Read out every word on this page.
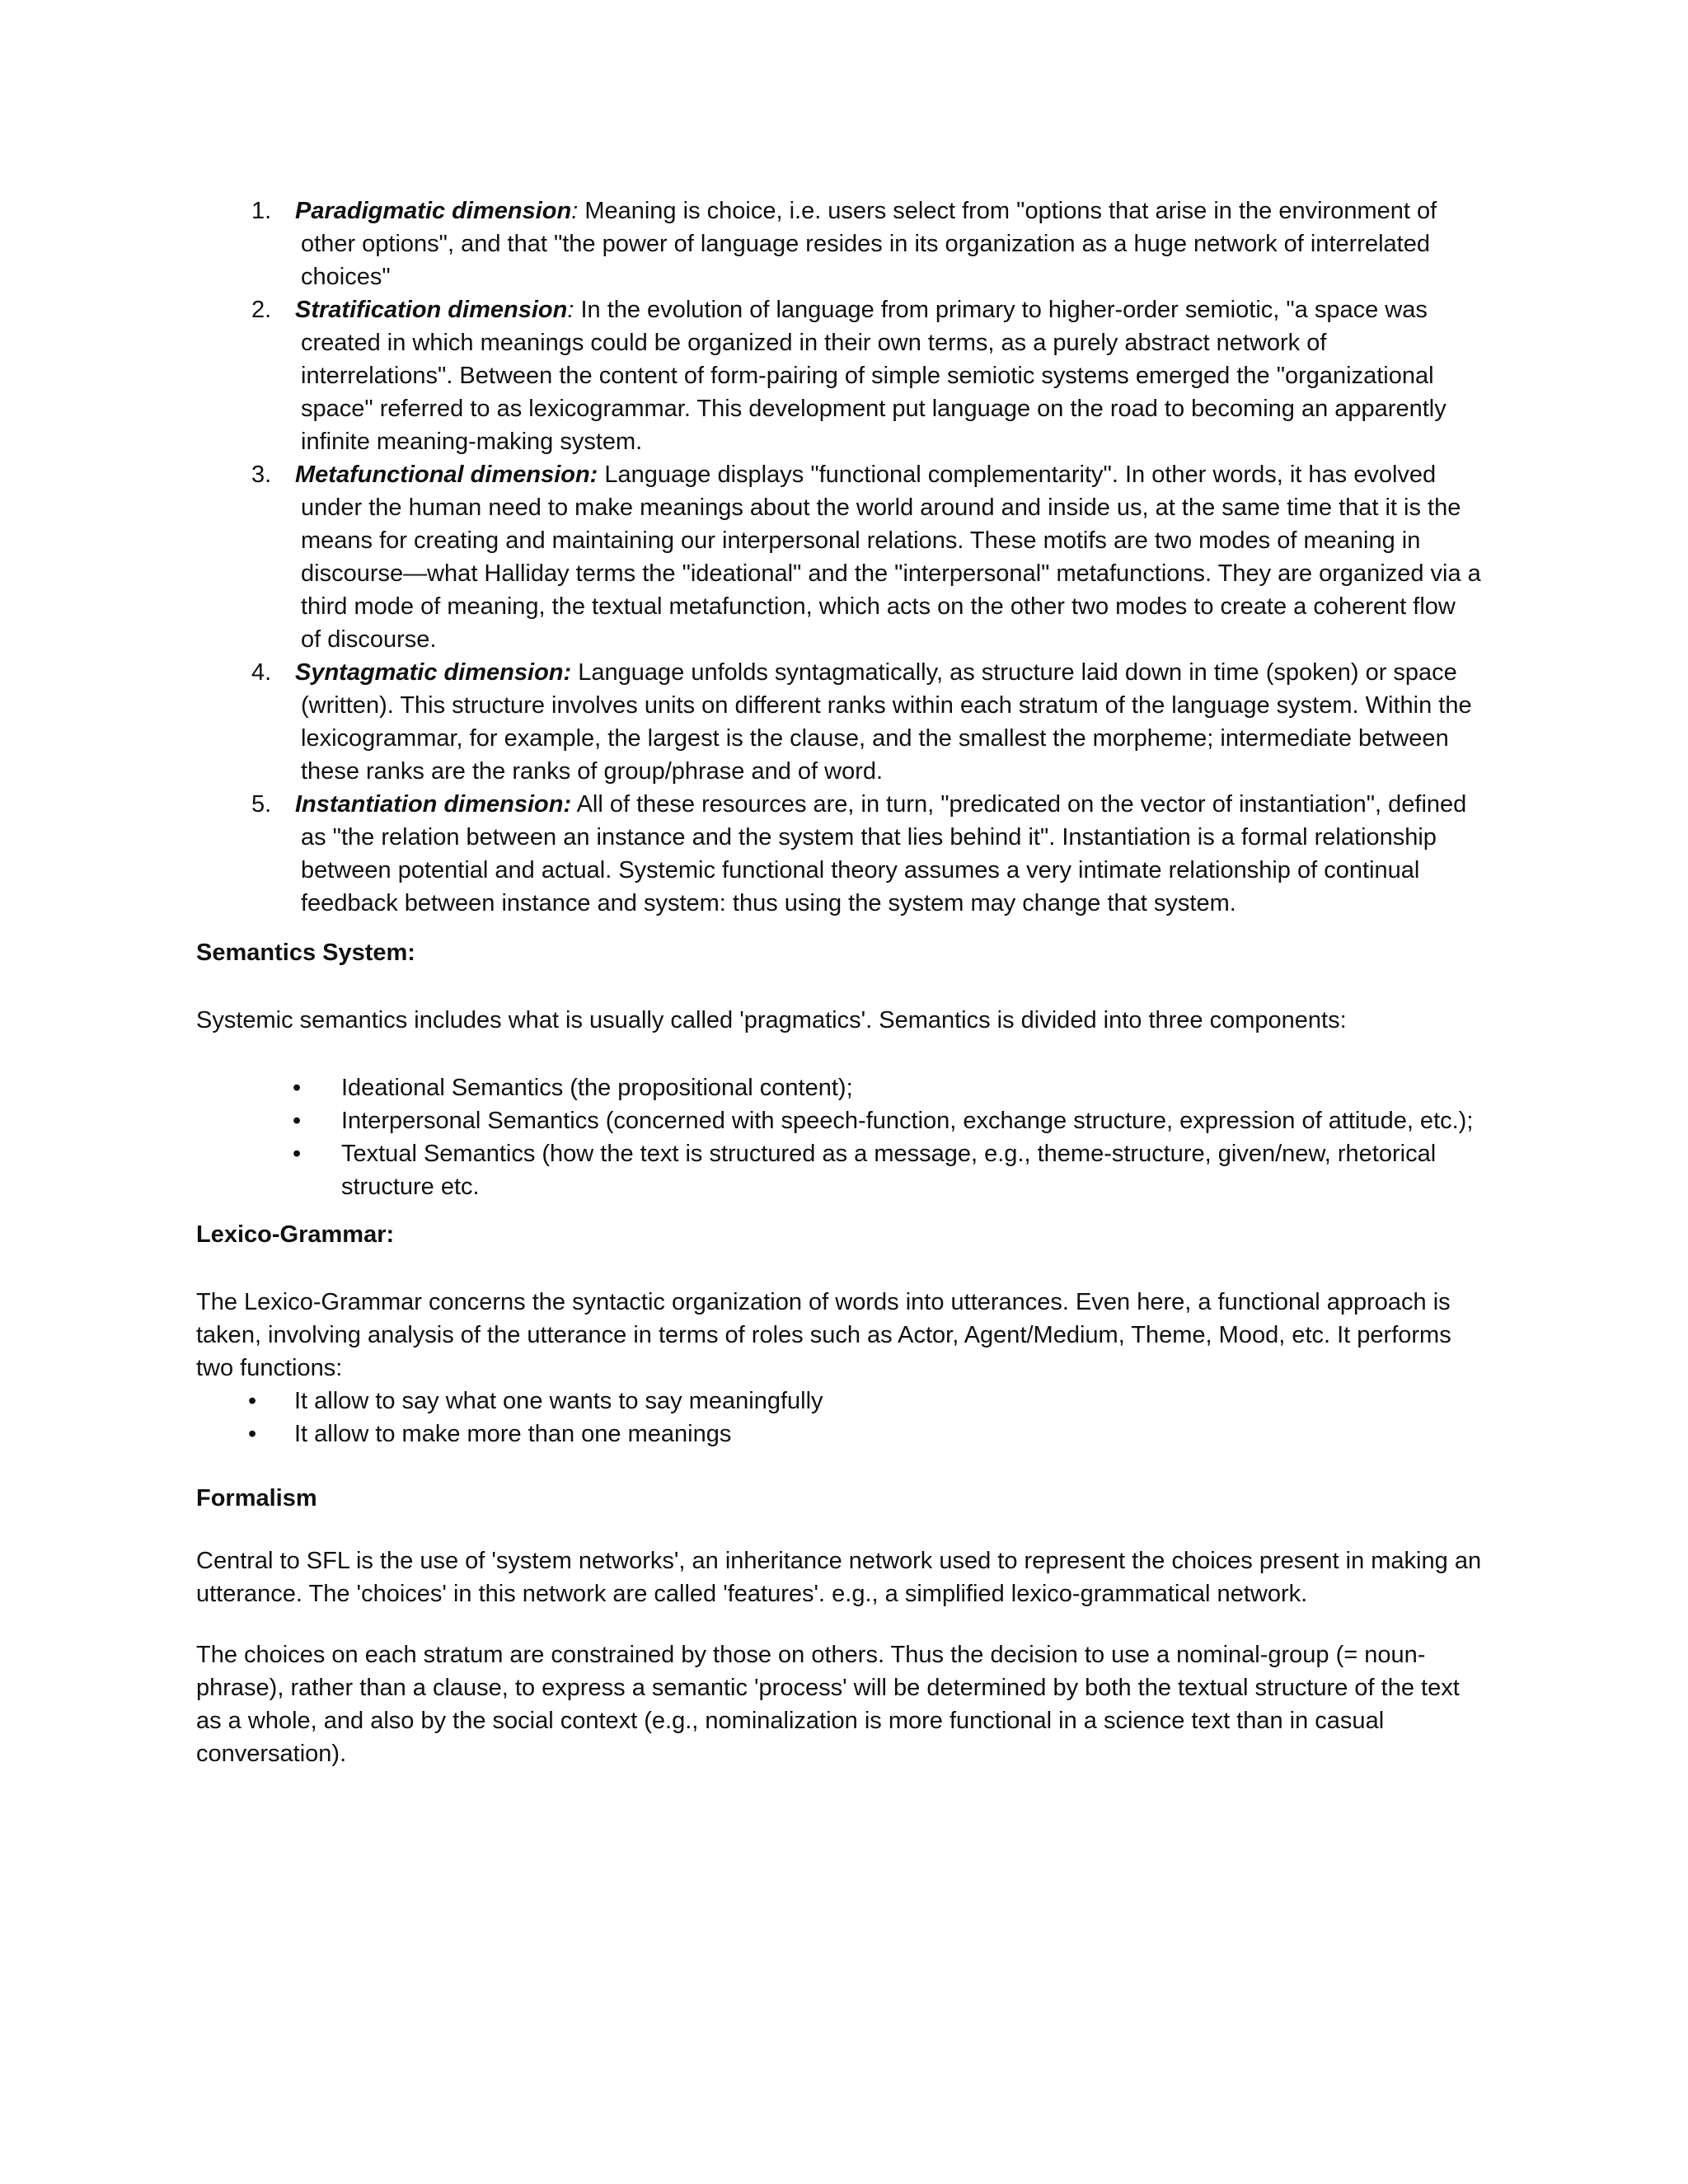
1. Paradigmatic dimension: Meaning is choice, i.e. users select from "options that arise in the environment of other options", and that "the power of language resides in its organization as a huge network of interrelated choices"
2. Stratification dimension: In the evolution of language from primary to higher-order semiotic, "a space was created in which meanings could be organized in their own terms, as a purely abstract network of interrelations". Between the content of form-pairing of simple semiotic systems emerged the "organizational space" referred to as lexicogrammar. This development put language on the road to becoming an apparently infinite meaning-making system.
3. Metafunctional dimension: Language displays "functional complementarity". In other words, it has evolved under the human need to make meanings about the world around and inside us, at the same time that it is the means for creating and maintaining our interpersonal relations. These motifs are two modes of meaning in discourse—what Halliday terms the "ideational" and the "interpersonal" metafunctions. They are organized via a third mode of meaning, the textual metafunction, which acts on the other two modes to create a coherent flow of discourse.
4. Syntagmatic dimension: Language unfolds syntagmatically, as structure laid down in time (spoken) or space (written). This structure involves units on different ranks within each stratum of the language system. Within the lexicogrammar, for example, the largest is the clause, and the smallest the morpheme; intermediate between these ranks are the ranks of group/phrase and of word.
5. Instantiation dimension: All of these resources are, in turn, "predicated on the vector of instantiation", defined as "the relation between an instance and the system that lies behind it". Instantiation is a formal relationship between potential and actual. Systemic functional theory assumes a very intimate relationship of continual feedback between instance and system: thus using the system may change that system.
Semantics System:

Systemic semantics includes what is usually called 'pragmatics'. Semantics is divided into three components:

• Ideational Semantics (the propositional content);
• Interpersonal Semantics (concerned with speech-function, exchange structure, expression of attitude, etc.);
• Textual Semantics (how the text is structured as a message, e.g., theme-structure, given/new, rhetorical structure etc.
Lexico-Grammar:

The Lexico-Grammar concerns the syntactic organization of words into utterances. Even here, a functional approach is taken, involving analysis of the utterance in terms of roles such as Actor, Agent/Medium, Theme, Mood, etc. It performs two functions:

• It allow to say what one wants to say meaningfully
• It allow to make more than one meanings
Formalism

Central to SFL is the use of 'system networks', an inheritance network used to represent the choices present in making an utterance. The 'choices' in this network are called 'features'. e.g., a simplified lexico-grammatical network.

The choices on each stratum are constrained by those on others. Thus the decision to use a nominal-group (= noun-phrase), rather than a clause, to express a semantic 'process' will be determined by both the textual structure of the text as a whole, and also by the social context (e.g., nominalization is more functional in a science text than in casual conversation).
